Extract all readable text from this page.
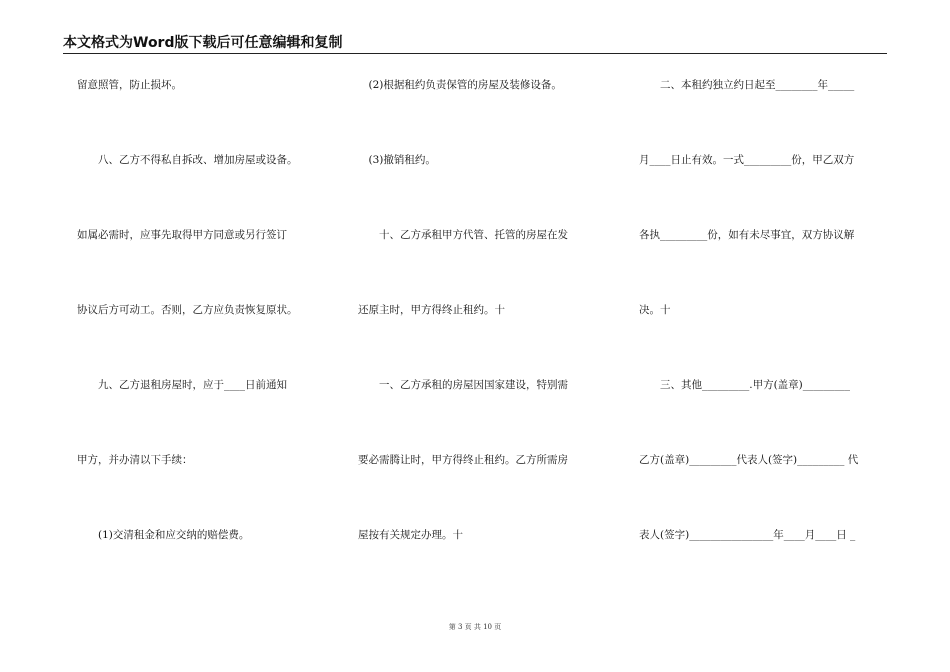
本文格式为Word版下载后可任意编辑和复制
留意照管，防止损坏。
　　八、乙方不得私自拆改、增加房屋或设备。
如属必需时，应事先取得甲方同意或另行签订
协议后方可动工。否则，乙方应负责恢复原状。
　　九、乙方退租房屋时，应于____日前通知
甲方，并办清以下手续：
　　(1)交清租金和应交纳的赔偿费。
　(2)根据租约负责保管的房屋及装修设备。
　(3)撤销租约。
　　十、乙方承租甲方代管、托管的房屋在发
还原主时，甲方得终止租约。十
　　一、乙方承租的房屋因国家建设，特别需
要必需腾让时，甲方得终止租约。乙方所需房
屋按有关规定办理。十
　　二、本租约独立约日起至________年_____
月____日止有效。一式_________份，甲乙双方
各执_________份，如有未尽事宜，双方协议解
决。十
　　三、其他_________.甲方(盖章)_________
乙方(盖章)_________代表人(签字)_________ 代
表人(签字)________________年____月____日 _
第 3 页 共 10 页
